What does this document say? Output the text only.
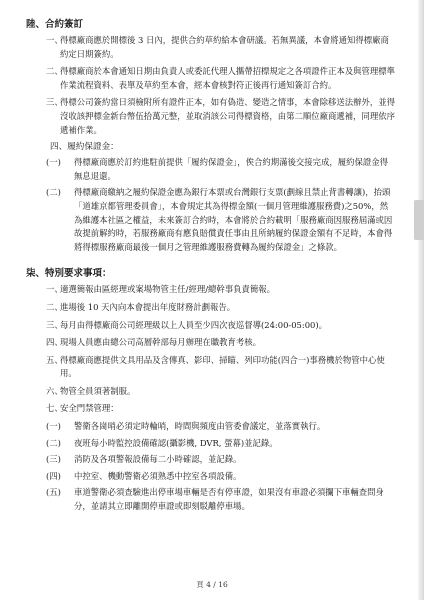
陸、合約簽訂
一、
得標廠商應於開標後 3 日內，提供合約草約給本會研議。若無異議，本會將通知得標廠商約定日期簽約。
二、
得標廠商於本會通知日期由負責人或委託代理人攜帶招標規定之各項證件正本及與管理標準作業流程資料、表單及草約至本會，經本會核對符正後再行通知簽訂合約。
三、
得標公司簽約當日須檢附所有證件正本，如有偽造、變造之情事，本會除移送法辦外，並得沒收該押標金新台幣伍拾萬元整，並取消該公司得標資格，由第二順位廠商遞補，同理依序遞補作業。
四、履約保證金：
(一) 得標廠商應於訂約進駐前提供「履約保證金」，俟合約期滿後交接完成，履約保證金得無息退還。
(二) 得標廠商繳納之履約保證金應為銀行本票或台灣銀行支票(劃線且禁止背書轉讓)，抬頭「道雄京都管理委員會」，本會規定其為得標金額(一個月管理維護服務費)之50%，然為維護本社區之權益，未來簽訂合約時，本會將於合約載明「服務廠商因服務屆滿或因故提前解約時，若服務廠商有應負賠償責任事由且所納履約保證金額有不足時，本會得將得標服務廠商最後一個月之管理維護服務費轉為履約保證金」之條款。
柒、特別要求事項：
一、
適選簡報由區經理或案場物管主任/經理/總幹事負責簡報。
二、
進場後 10 天內向本會提出年度財務計劃報告。
三、
每月由得標廠商公司經理級以上人員至少四次夜巡督導(24:00-05:00)。
四、
現場人員應由總公司高層幹部每月辦理在職教育考核。
五、
得標廠商應提供文具用品及含傳真、影印、掃瞄、列印功能(四合一)事務機於物管中心使用。
六、
物管全員須著制服。
七、
安全門禁管理：
(一) 警衛各崗哨必須定時輪哨，時間與頻度由管委會議定，並落實執行。
(二) 夜班每小時監控設備確認(攝影機, DVR, 螢幕)並記錄。
(三) 消防及各項警報設備每二小時確認，並記錄。
(四) 中控室、機動警衛必須熟悉中控室各項設備。
(五) 車道警衛必須查驗進出停車場車輛是否有停車證，如果沒有車證必須攔下車輛查問身分，並請其立即離開停車證或即刻駁離停車場。
頁 4 / 16
